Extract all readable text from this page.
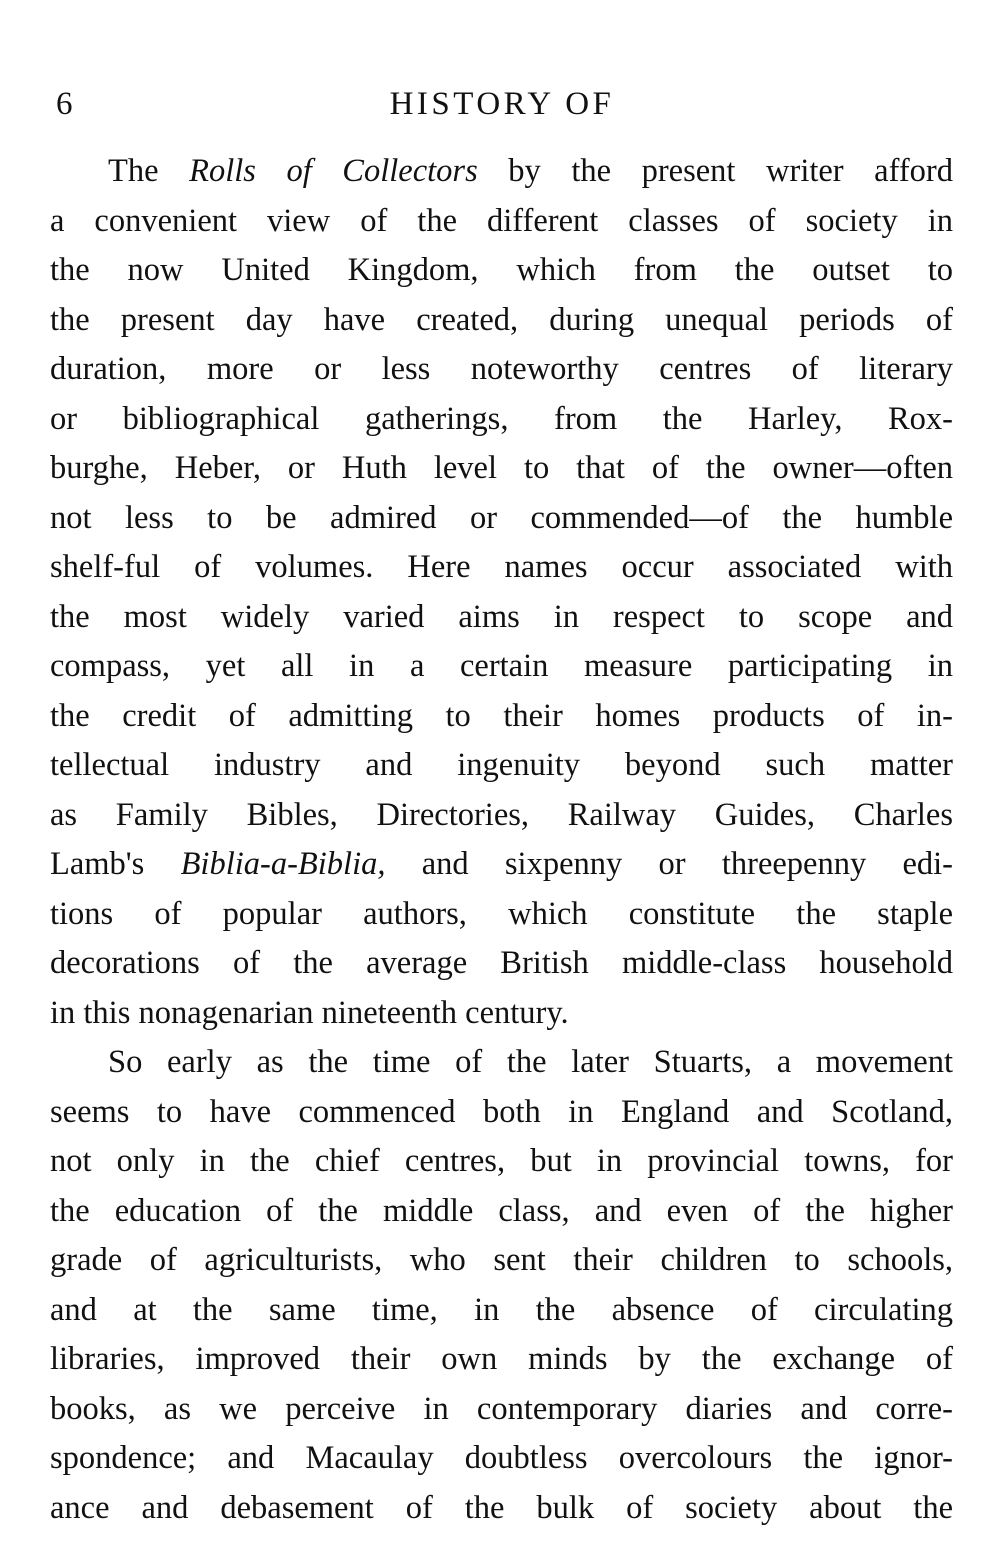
6	HISTORY OF
The Rolls of Collectors by the present writer afford
a convenient view of the different classes of society in
the now United Kingdom, which from the outset to
the present day have created, during unequal periods of
duration, more or less noteworthy centres of literary
or bibliographical gatherings, from the Harley, Rox-
burghe, Heber, or Huth level to that of the owner—often
not less to be admired or commended—of the humble
shelf-ful of volumes. Here names occur associated with
the most widely varied aims in respect to scope and
compass, yet all in a certain measure participating in
the credit of admitting to their homes products of in-
tellectual industry and ingenuity beyond such matter
as Family Bibles, Directories, Railway Guides, Charles
Lamb's Biblia-a-Biblia, and sixpenny or threepenny edi-
tions of popular authors, which constitute the staple
decorations of the average British middle-class household
in this nonagenarian nineteenth century.
So early as the time of the later Stuarts, a movement
seems to have commenced both in England and Scotland,
not only in the chief centres, but in provincial towns, for
the education of the middle class, and even of the higher
grade of agriculturists, who sent their children to schools,
and at the same time, in the absence of circulating
libraries, improved their own minds by the exchange of
books, as we perceive in contemporary diaries and corre-
spondence; and Macaulay doubtless overcolours the ignor-
ance and debasement of the bulk of society about the
